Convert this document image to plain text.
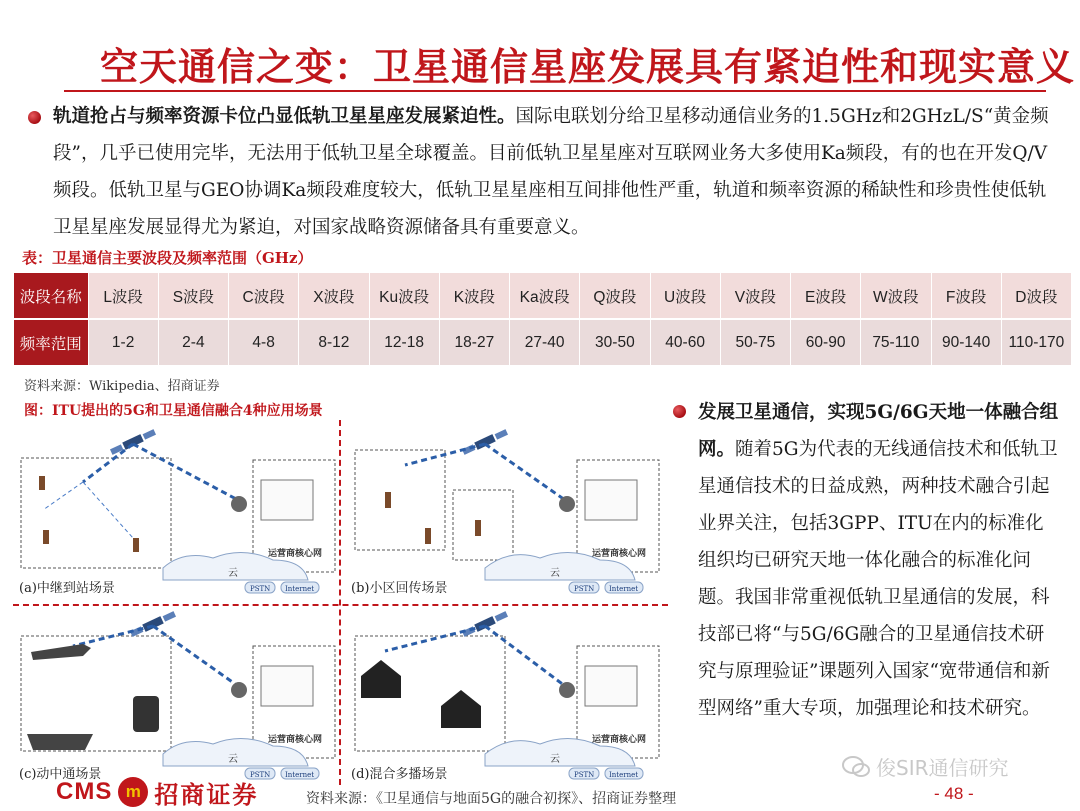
空天通信之变：卫星通信星座发展具有紧迫性和现实意义
轨道抢占与频率资源卡位凸显低轨卫星星座发展紧迫性。国际电联划分给卫星移动通信业务的1.5GHz和2GHzL/S“黄金频段”，几乎已使用完毕，无法用于低轨卫星全球覆盖。目前低轨卫星星座对互联网业务大多使用Ka频段，有的也在开发Q/V频段。低轨卫星与GEO协调Ka频段难度较大，低轨卫星星座相互间排他性严重，轨道和频率资源的稀缺性和珍贵性使低轨卫星星座发展显得尤为紧迫，对国家战略资源储备具有重要意义。
表：卫星通信主要波段及频率范围（GHz）
波段名称	L波段	S波段	C波段	X波段	Ku波段	K波段	Ka波段	Q波段	U波段	V波段	E波段	W波段	F波段	D波段
频率范围	1-2	2-4	4-8	8-12	12-18	18-27	27-40	30-50	40-60	50-75	60-90	75-110	90-140	110-170
资料来源：Wikipedia、招商证券
图：ITU提出的5G和卫星通信融合4种应用场景
云
运营商核心网
PSTN Internet
(a)中继到站场景
云
运营商核心网
PSTN Internet
(b)小区回传场景
云
运营商核心网
PSTN Internet
(c)动中通场景
云
运营商核心网
PSTN Internet
(d)混合多播场景
发展卫星通信，实现5G/6G天地一体融合组网。随着5G为代表的无线通信技术和低轨卫星通信技术的日益成熟，两种技术融合引起业界关注，包括3GPP、ITU在内的标准化组织均已研究天地一体化融合的标准化问题。我国非常重视低轨卫星通信的发展，科技部已将“与5G/6G融合的卫星通信技术研究与原理验证”课题列入国家“宽带通信和新型网络”重大专项，加强理论和技术研究。
CMS m 招商证券	资料来源：《卫星通信与地面5G的融合初探》、招商证券整理
俊SIR通信研究
- 48 -
